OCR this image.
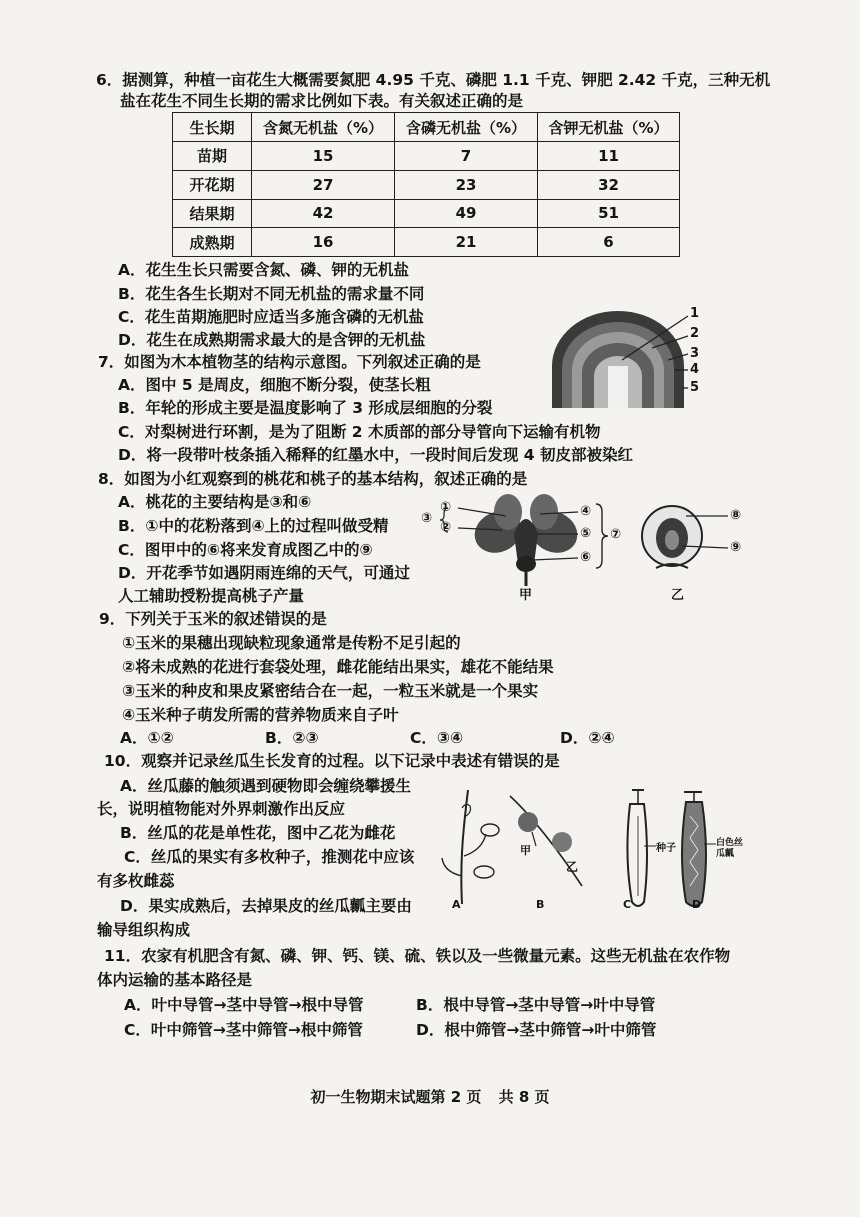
6．据测算，种植一亩花生大概需要氮肥 4.95 千克、磷肥 1.1 千克、钾肥 2.42 千克，三种无机
盐在花生不同生长期的需求比例如下表。有关叙述正确的是
生长期	含氮无机盐（%）	含磷无机盐（%）	含钾无机盐（%）
苗期	15	7	11
开花期	27	23	32
结果期	42	49	51
成熟期	16	21	6
A．花生生长只需要含氮、磷、钾的无机盐
B．花生各生长期对不同无机盐的需求量不同
C．花生苗期施肥时应适当多施含磷的无机盐
D．花生在成熟期需求最大的是含钾的无机盐
7．如图为木本植物茎的结构示意图。下列叙述正确的是
A．图中 5 是周皮，细胞不断分裂，使茎长粗
B．年轮的形成主要是温度影响了 3 形成层细胞的分裂
C．对梨树进行环割，是为了阻断 2 木质部的部分导管向下运输有机物
D．将一段带叶枝条插入稀释的红墨水中，一段时间后发现 4 韧皮部被染红
1
2
3
4
5
8．如图为小红观察到的桃花和桃子的基本结构，叙述正确的是
A．桃花的主要结构是③和⑥
B．①中的花粉落到④上的过程叫做受精
C．图甲中的⑥将来发育成图乙中的⑨
D．开花季节如遇阴雨连绵的天气，可通过
人工辅助授粉提高桃子产量
①
②
③	④
⑤
⑥
⑦
甲
⑧
⑨
乙
9．下列关于玉米的叙述错误的是
①玉米的果穗出现缺粒现象通常是传粉不足引起的
②将未成熟的花进行套袋处理，雌花能结出果实，雄花不能结果
③玉米的种皮和果皮紧密结合在一起，一粒玉米就是一个果实
④玉米种子萌发所需的营养物质来自子叶
A．①②	B．②③	C．③④	D．②④
10．观察并记录丝瓜生长发育的过程。以下记录中表述有错误的是
A．丝瓜藤的触须遇到硬物即会缠绕攀援生
长，说明植物能对外界刺激作出反应
B．丝瓜的花是单性花，图中乙花为雌花
C．丝瓜的果实有多枚种子，推测花中应该
有多枚雌蕊
D．果实成熟后，去掉果皮的丝瓜瓤主要由
输导组织构成
A	B	C	D
甲
乙
种子	白色丝瓜瓤
11．农家有机肥含有氮、磷、钾、钙、镁、硫、铁以及一些微量元素。这些无机盐在农作物
体内运输的基本路径是
A．叶中导管→茎中导管→根中导管	B．根中导管→茎中导管→叶中导管
C．叶中筛管→茎中筛管→根中筛管	D．根中筛管→茎中筛管→叶中筛管
初一生物期末试题第 2 页 共 8 页
